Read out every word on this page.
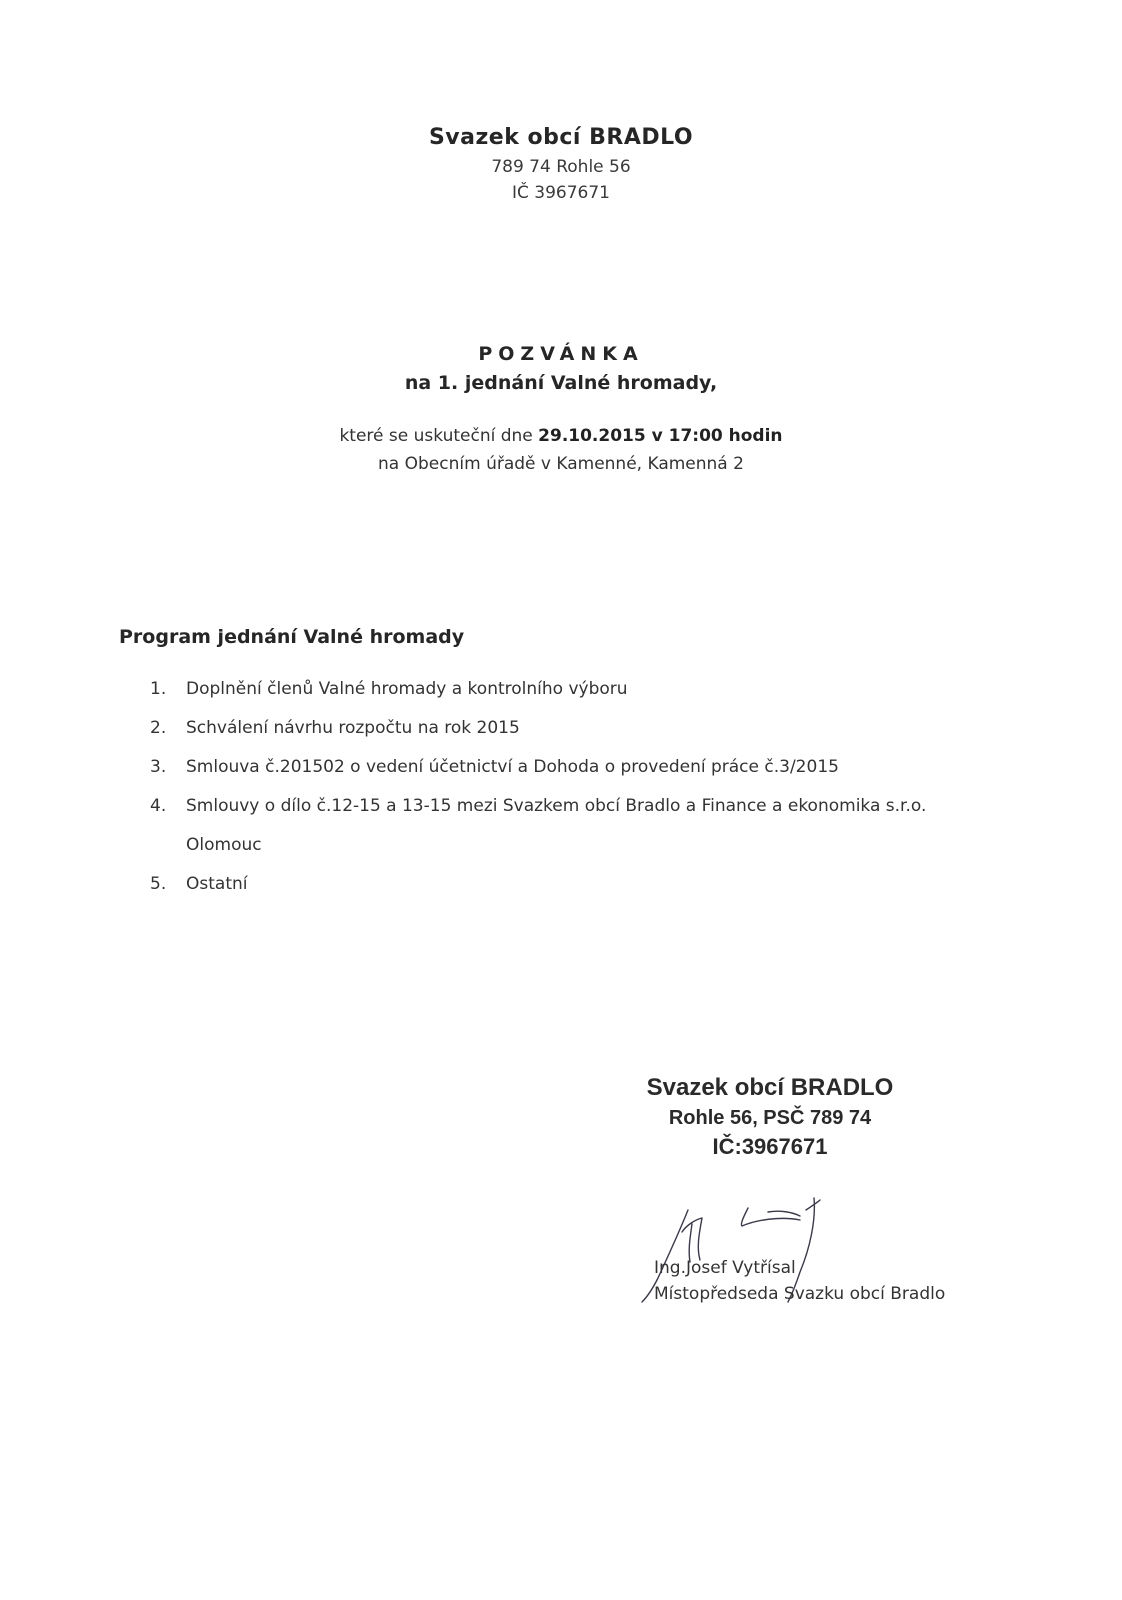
Svazek obcí BRADLO
789 74 Rohle 56
IČ 3967671
POZVÁNKA
na 1. jednání Valné hromady,
které se uskuteční dne 29.10.2015 v 17:00 hodin
na Obecním úřadě v Kamenné, Kamenná 2
Program jednání Valné hromady
1.	Doplnění členů Valné hromady a kontrolního výboru
2.	Schválení návrhu rozpočtu na rok 2015
3.	Smlouva č.201502 o vedení účetnictví a Dohoda o provedení práce č.3/2015
4.	Smlouvy o dílo č.12-15 a 13-15 mezi Svazkem obcí Bradlo a Finance a ekonomika s.r.o.
Olomouc
5.	Ostatní
Svazek obcí BRADLO
Rohle 56, PSČ 789 74
IČ:3967671
Ing.Josef Vytřísal
Místopředseda Svazku obcí Bradlo
